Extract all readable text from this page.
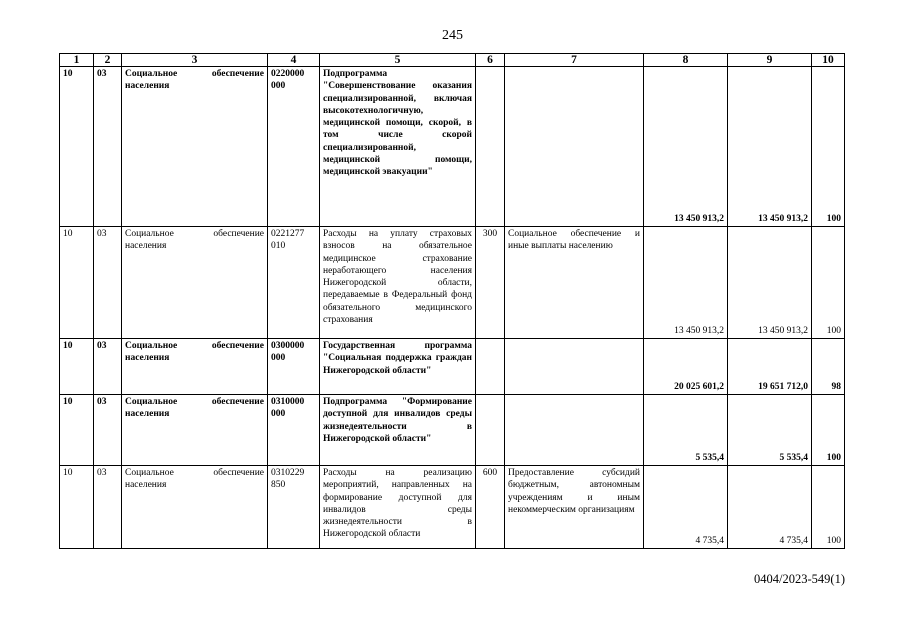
245
1	2	3	4	5	6	7	8	9	10
10	03	Социальное обеспечение населения	0220000 000	Подпрограмма "Совершенствование оказания специализированной, включая высокотехнологичную, медицинской помощи, скорой, в том числе скорой специализированной, медицинской помощи, медицинской эвакуации"			13 450 913,2	13 450 913,2	100
10	03	Социальное обеспечение населения	0221277 010	Расходы на уплату страховых взносов на обязательное медицинское страхование неработающего населения Нижегородской области, передаваемые в Федеральный фонд обязательного медицинского страхования	300	Социальное обеспечение и иные выплаты населению	13 450 913,2	13 450 913,2	100
10	03	Социальное обеспечение населения	0300000 000	Государственная программа "Социальная поддержка граждан Нижегородской области"			20 025 601,2	19 651 712,0	98
10	03	Социальное обеспечение населения	0310000 000	Подпрограмма "Формирование доступной для инвалидов среды жизнедеятельности в Нижегородской области"			5 535,4	5 535,4	100
10	03	Социальное обеспечение населения	0310229 850	Расходы на реализацию мероприятий, направленных на формирование доступной для инвалидов среды жизнедеятельности в Нижегородской области	600	Предоставление субсидий бюджетным, автономным учреждениям и иным некоммерческим организациям	4 735,4	4 735,4	100
0404/2023-549(1)
